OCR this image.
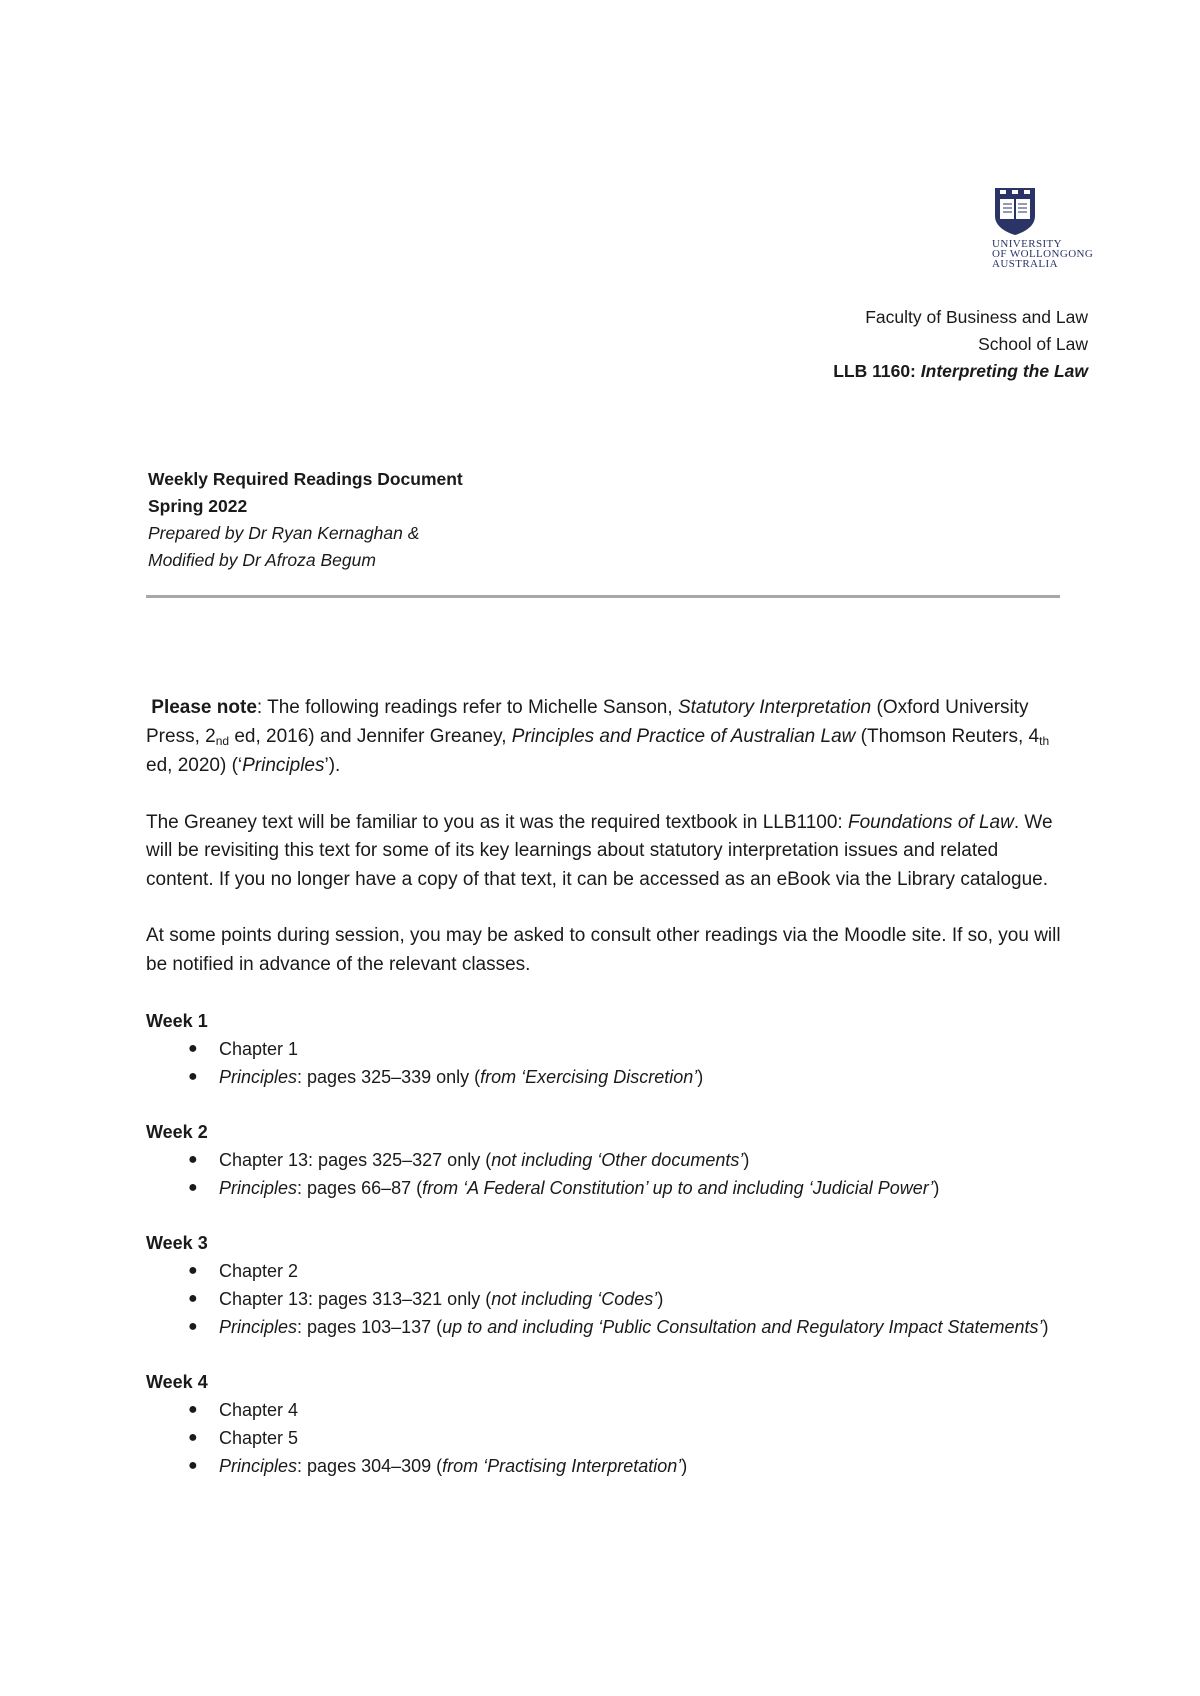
UNIVERSITY
OF WOLLONGONG
AUSTRALIA
Faculty of Business and Law
School of Law
LLB 1160: Interpreting the Law
Weekly Required Readings Document
Spring 2022
Prepared by Dr Ryan Kernaghan &
Modified by Dr Afroza Begum

Please note: The following readings refer to Michelle Sanson, Statutory Interpretation (Oxford University Press, 2nd ed, 2016) and Jennifer Greaney, Principles and Practice of Australian Law (Thomson Reuters, 4th ed, 2020) (‘Principles’).

The Greaney text will be familiar to you as it was the required textbook in LLB1100: Foundations of Law. We will be revisiting this text for some of its key learnings about statutory interpretation issues and related content. If you no longer have a copy of that text, it can be accessed as an eBook via the Library catalogue.

At some points during session, you may be asked to consult other readings via the Moodle site. If so, you will be notified in advance of the relevant classes.

Week 1
● Chapter 1
● Principles: pages 325–339 only (from ‘Exercising Discretion’)
Week 2
● Chapter 13: pages 325–327 only (not including ‘Other documents’)
● Principles: pages 66–87 (from ‘A Federal Constitution’ up to and including ‘Judicial Power’)
Week 3
● Chapter 2
● Chapter 13: pages 313–321 only (not including ‘Codes’)
● Principles: pages 103–137 (up to and including ‘Public Consultation and Regulatory Impact Statements’)
Week 4
● Chapter 4
● Chapter 5
● Principles: pages 304–309 (from ‘Practising Interpretation’)
